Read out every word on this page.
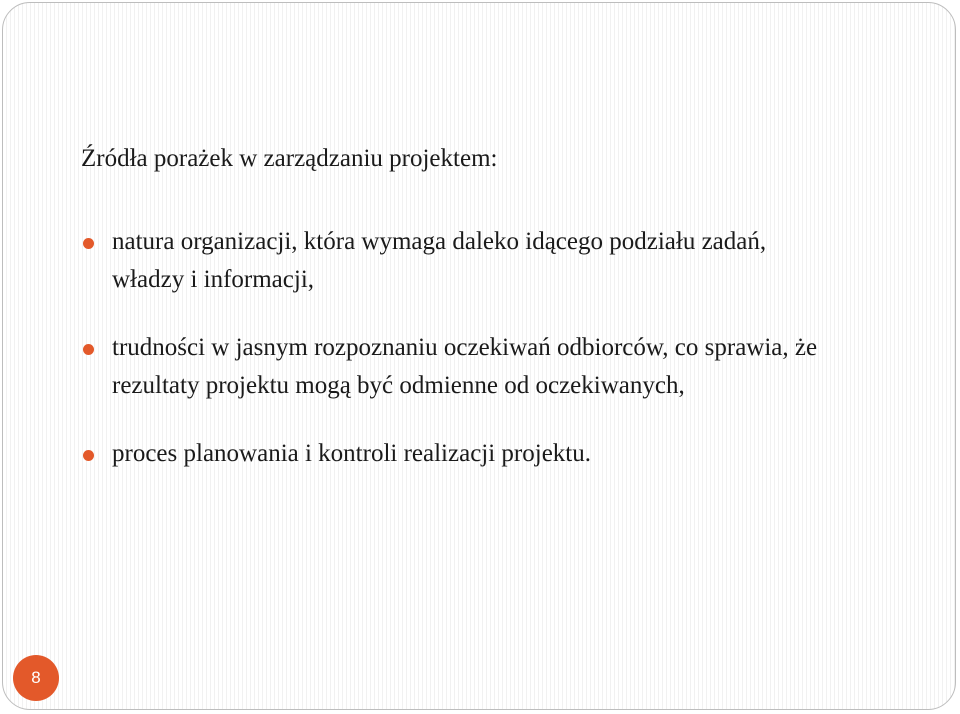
Źródła porażek w zarządzaniu projektem:
natura organizacji, która wymaga daleko idącego podziału zadań, władzy i informacji,
trudności w jasnym rozpoznaniu oczekiwań odbiorców, co sprawia, że rezultaty projektu mogą być odmienne od oczekiwanych,
proces planowania i kontroli realizacji projektu.
8
